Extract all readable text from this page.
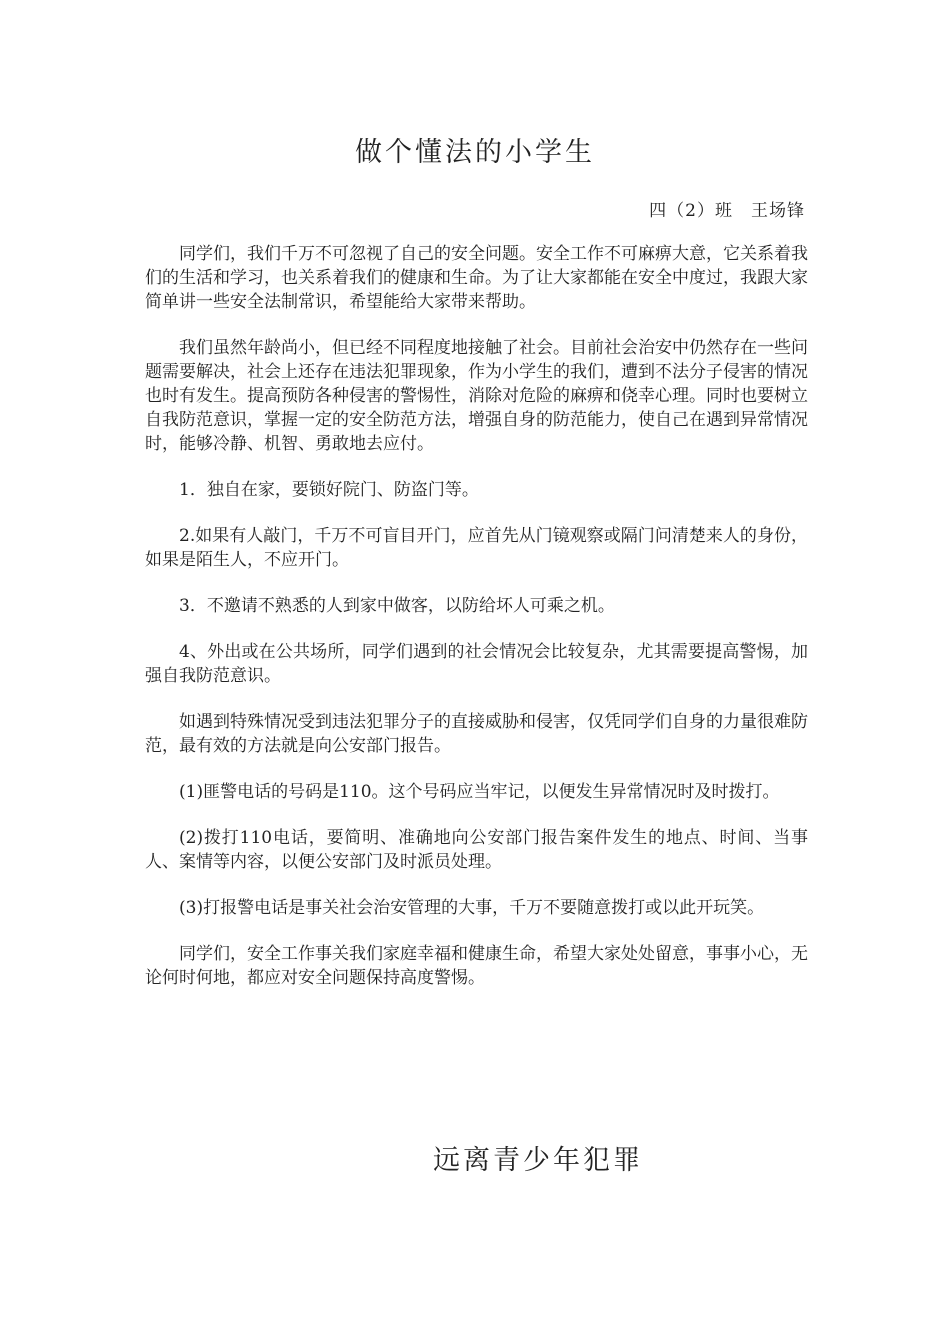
做个懂法的小学生
四（2）班　王场锋

同学们，我们千万不可忽视了自己的安全问题。安全工作不可麻痹大意，它关系着我们的生活和学习，也关系着我们的健康和生命。为了让大家都能在安全中度过，我跟大家简单讲一些安全法制常识，希望能给大家带来帮助。

我们虽然年龄尚小，但已经不同程度地接触了社会。目前社会治安中仍然存在一些问题需要解决，社会上还存在违法犯罪现象，作为小学生的我们，遭到不法分子侵害的情况也时有发生。提高预防各种侵害的警惕性，消除对危险的麻痹和侥幸心理。同时也要树立自我防范意识，掌握一定的安全防范方法，增强自身的防范能力，使自己在遇到异常情况时，能够冷静、机智、勇敢地去应付。

1．独自在家，要锁好院门、防盗门等。

2.如果有人敲门，千万不可盲目开门，应首先从门镜观察或隔门问清楚来人的身份，如果是陌生人，不应开门。

3．不邀请不熟悉的人到家中做客，以防给坏人可乘之机。

4、外出或在公共场所，同学们遇到的社会情况会比较复杂，尤其需要提高警惕，加强自我防范意识。

如遇到特殊情况受到违法犯罪分子的直接威胁和侵害，仅凭同学们自身的力量很难防范，最有效的方法就是向公安部门报告。

(1)匪警电话的号码是110。这个号码应当牢记，以便发生异常情况时及时拨打。

(2)拨打110电话，要简明、准确地向公安部门报告案件发生的地点、时间、当事人、案情等内容，以便公安部门及时派员处理。

(3)打报警电话是事关社会治安管理的大事，千万不要随意拨打或以此开玩笑。

同学们，安全工作事关我们家庭幸福和健康生命，希望大家处处留意，事事小心，无论何时何地，都应对安全问题保持高度警惕。

远离青少年犯罪
